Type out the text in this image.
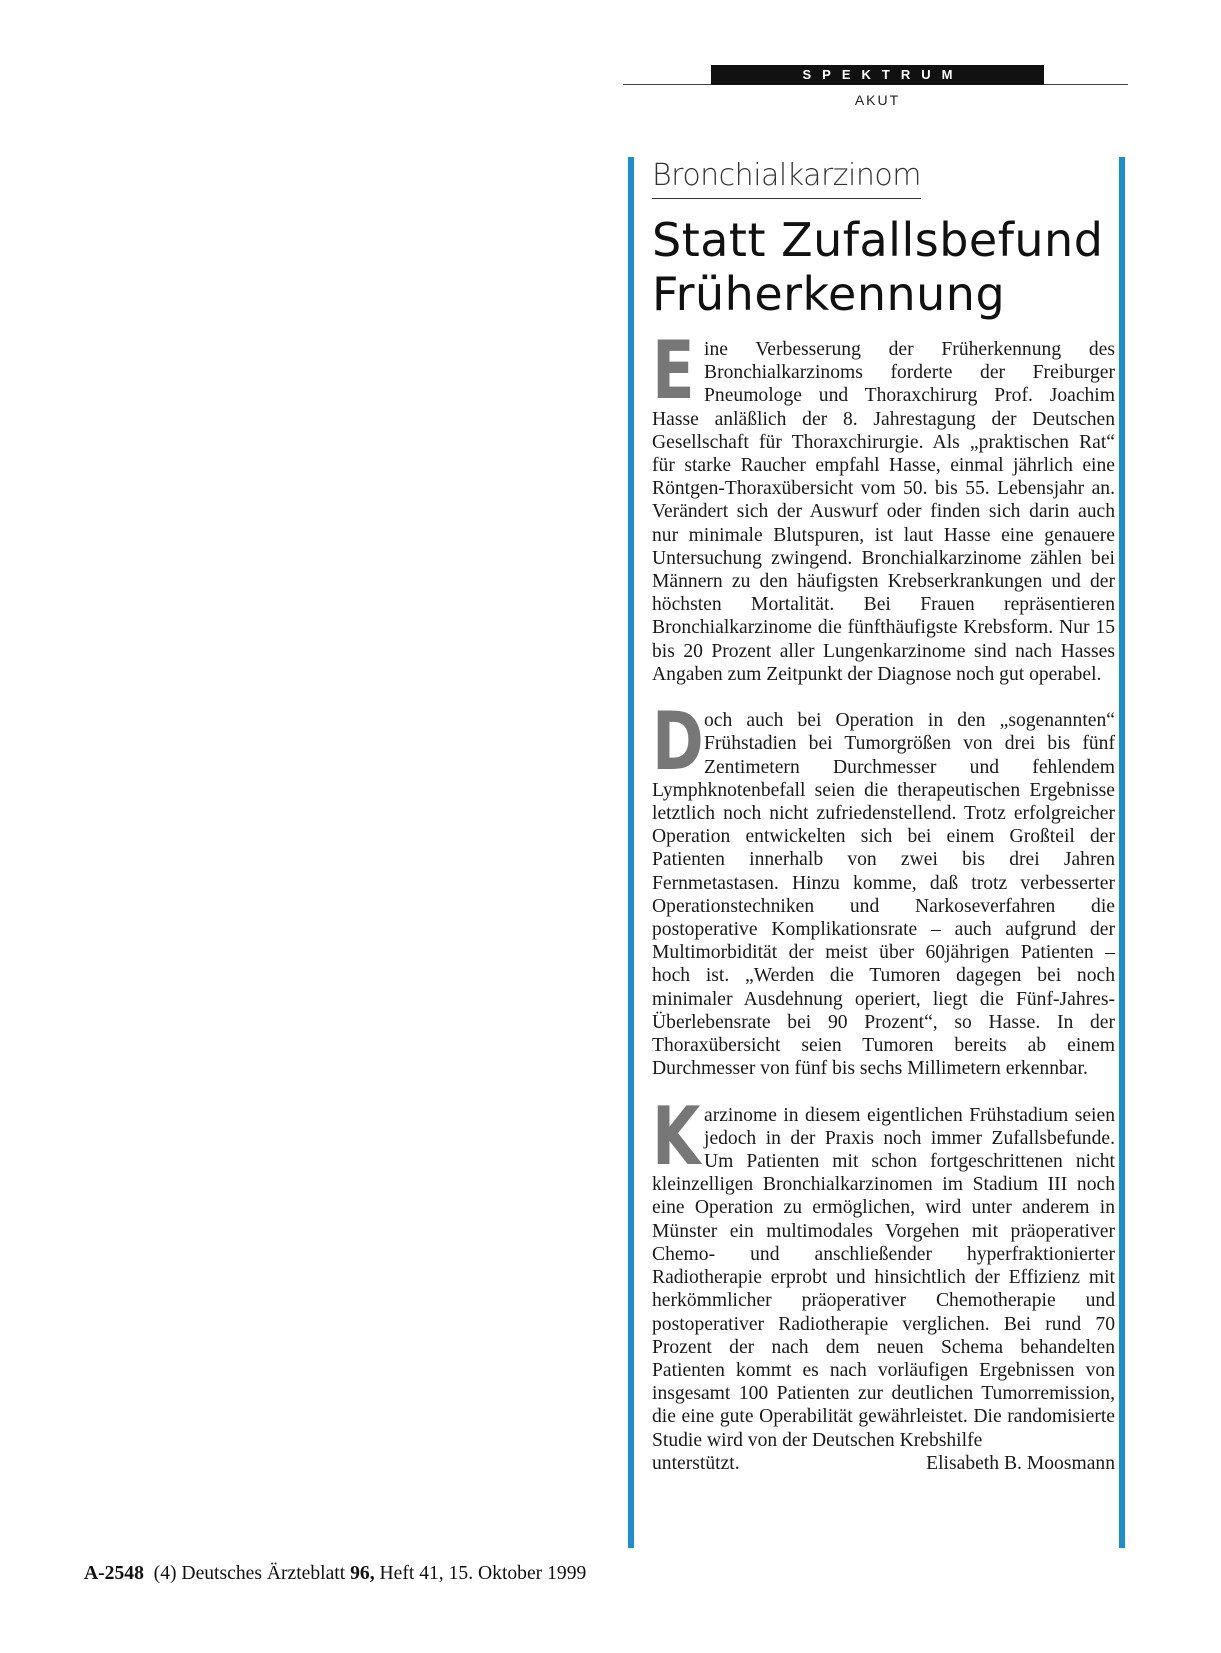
SPEKTRUM
AKUT
Bronchialkarzinom
Statt Zufallsbefund
Früherkennung

Eine Verbesserung der Früherkennung des Bronchialkarzinoms forderte der Freiburger Pneumologe und Thoraxchirurg Prof. Joachim Hasse anläßlich der 8. Jahrestagung der Deutschen Gesellschaft für Thoraxchirurgie. Als „praktischen Rat“ für starke Raucher empfahl Hasse, einmal jährlich eine Röntgen-Thoraxübersicht vom 50. bis 55. Lebensjahr an. Verändert sich der Auswurf oder finden sich darin auch nur minimale Blutspuren, ist laut Hasse eine genauere Untersuchung zwingend. Bronchialkarzinome zählen bei Männern zu den häufigsten Krebserkrankungen und der höchsten Mortalität. Bei Frauen repräsentieren Bronchialkarzinome die fünfthäufigste Krebsform. Nur 15 bis 20 Prozent aller Lungenkarzinome sind nach Hasses Angaben zum Zeitpunkt der Diagnose noch gut operabel.

Doch auch bei Operation in den „sogenannten“ Frühstadien bei Tumorgrößen von drei bis fünf Zentimetern Durchmesser und fehlendem Lymphknotenbefall seien die therapeutischen Ergebnisse letztlich noch nicht zufriedenstellend. Trotz erfolgreicher Operation entwickelten sich bei einem Großteil der Patienten innerhalb von zwei bis drei Jahren Fernmetastasen. Hinzu komme, daß trotz verbesserter Operationstechniken und Narkoseverfahren die postoperative Komplikationsrate – auch aufgrund der Multimorbidität der meist über 60jährigen Patienten – hoch ist. „Werden die Tumoren dagegen bei noch minimaler Ausdehnung operiert, liegt die Fünf-Jahres-Überlebensrate bei 90 Prozent“, so Hasse. In der Thoraxübersicht seien Tumoren bereits ab einem Durchmesser von fünf bis sechs Millimetern erkennbar.

Karzinome in diesem eigentlichen Frühstadium seien jedoch in der Praxis noch immer Zufallsbefunde. Um Patienten mit schon fortgeschrittenen nicht kleinzelligen Bronchialkarzinomen im Stadium III noch eine Operation zu ermöglichen, wird unter anderem in Münster ein multimodales Vorgehen mit präoperativer Chemo- und anschließender hyperfraktionierter Radiotherapie erprobt und hinsichtlich der Effizienz mit herkömmlicher präoperativer Chemotherapie und postoperativer Radiotherapie verglichen. Bei rund 70 Prozent der nach dem neuen Schema behandelten Patienten kommt es nach vorläufigen Ergebnissen von insgesamt 100 Patienten zur deutlichen Tumorremission, die eine gute Operabilität gewährleistet. Die randomisierte Studie wird von der Deutschen Krebshilfe

unterstützt.	Elisabeth B. Moosmann
A-2548 (4) Deutsches Ärzteblatt 96, Heft 41, 15. Oktober 1999
